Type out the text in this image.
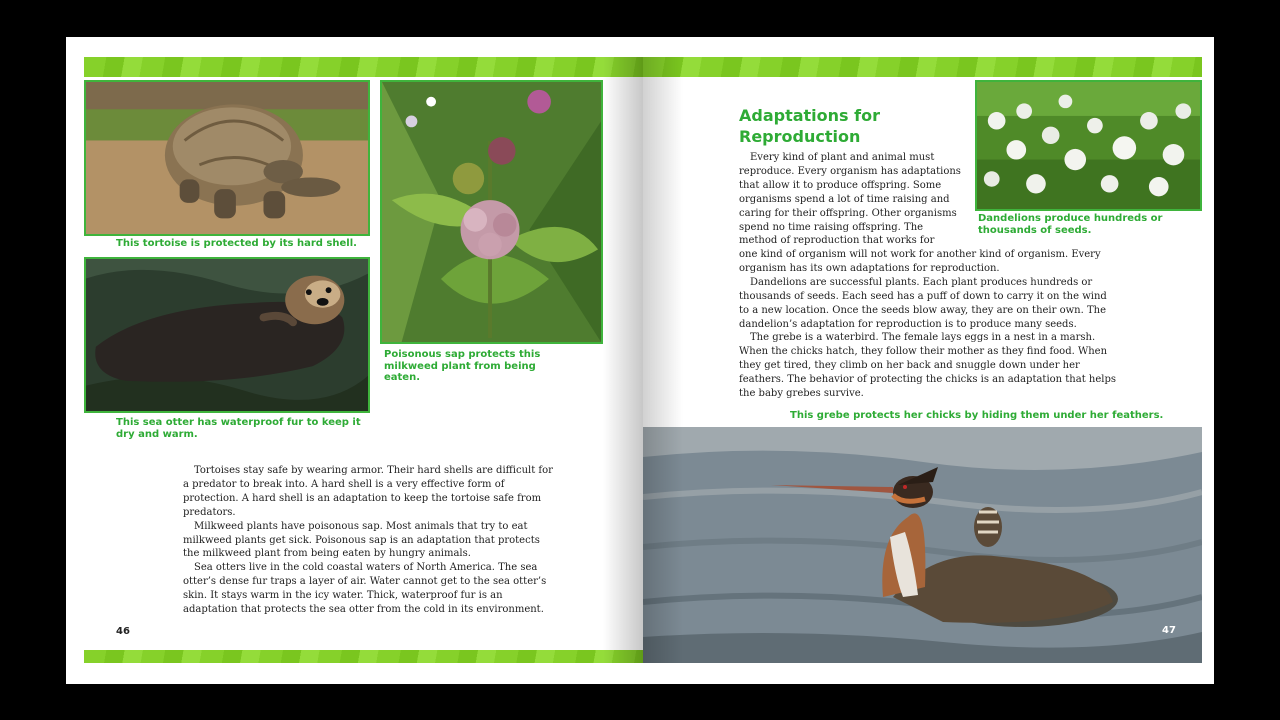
This tortoise is protected by its hard shell.
This sea otter has waterproof fur to keep it dry and warm.
Poisonous sap protects this milkweed plant from being eaten.

Tortoises stay safe by wearing armor. Their hard shells are difficult for a predator to break into. A hard shell is a very effective form of protection. A hard shell is an adaptation to keep the tortoise safe from predators.

Milkweed plants have poisonous sap. Most animals that try to eat milkweed plants get sick. Poisonous sap is an adaptation that protects the milkweed plant from being eaten by hungry animals.

Sea otters live in the cold coastal waters of North America. The sea otter’s dense fur traps a layer of air. Water cannot get to the sea otter’s skin. It stays warm in the icy water. Thick, waterproof fur is an adaptation that protects the sea otter from the cold in its environment.

46
Adaptations for
Reproduction
Dandelions produce hundreds or thousands of seeds.

Every kind of plant and animal must reproduce. Every organism has adaptations that allow it to produce offspring. Some organisms spend a lot of time raising and caring for their offspring. Other organisms spend no time raising offspring. The method of reproduction that works for

one kind of organism will not work for another kind of organism. Every organism has its own adaptations for reproduction.

Dandelions are successful plants. Each plant produces hundreds or thousands of seeds. Each seed has a puff of down to carry it on the wind to a new location. Once the seeds blow away, they are on their own. The dandelion’s adaptation for reproduction is to produce many seeds.

The grebe is a waterbird. The female lays eggs in a nest in a marsh. When the chicks hatch, they follow their mother as they find food. When they get tired, they climb on her back and snuggle down under her feathers. The behavior of protecting the chicks is an adaptation that helps the baby grebes survive.

This grebe protects her chicks by hiding them under her feathers.
47
